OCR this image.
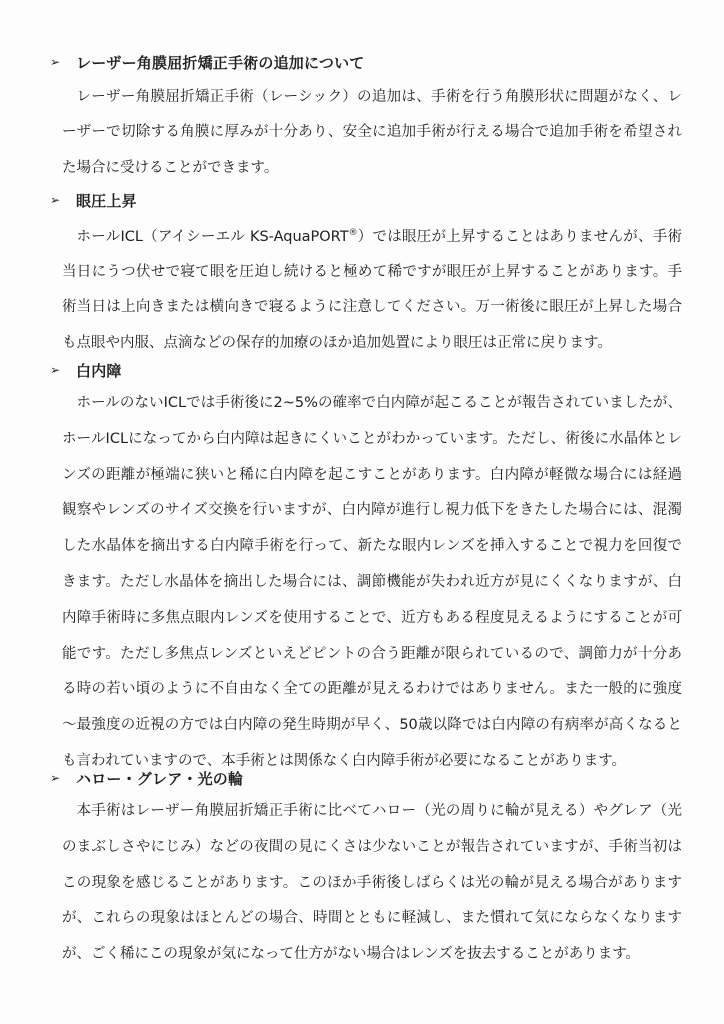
➢	レーザー角膜屈折矯正手術の追加について

レーザー角膜屈折矯正手術（レーシック）の追加は、手術を行う角膜形状に問題がなく、レーザーで切除する角膜に厚みが十分あり、安全に追加手術が行える場合で追加手術を希望された場合に受けることができます。

➢	眼圧上昇

ホールICL（アイシーエル KS-AquaPORT®）では眼圧が上昇することはありませんが、手術当日にうつ伏せで寝て眼を圧迫し続けると極めて稀ですが眼圧が上昇することがあります。手術当日は上向きまたは横向きで寝るように注意してください。万一術後に眼圧が上昇した場合も点眼や内服、点滴などの保存的加療のほか追加処置により眼圧は正常に戻ります。

➢	白内障

ホールのないICLでは手術後に2~5%の確率で白内障が起こることが報告されていましたが、ホールICLになってから白内障は起きにくいことがわかっています。ただし、術後に水晶体とレンズの距離が極端に狭いと稀に白内障を起こすことがあります。白内障が軽微な場合には経過観察やレンズのサイズ交換を行いますが、白内障が進行し視力低下をきたした場合には、混濁した水晶体を摘出する白内障手術を行って、新たな眼内レンズを挿入することで視力を回復できます。ただし水晶体を摘出した場合には、調節機能が失われ近方が見にくくなりますが、白内障手術時に多焦点眼内レンズを使用することで、近方もある程度見えるようにすることが可能です。ただし多焦点レンズといえどピントの合う距離が限られているので、調節力が十分ある時の若い頃のように不自由なく全ての距離が見えるわけではありません。また一般的に強度～最強度の近視の方では白内障の発生時期が早く、50歳以降では白内障の有病率が高くなるとも言われていますので、本手術とは関係なく白内障手術が必要になることがあります。

➢	ハロー・グレア・光の輪

本手術はレーザー角膜屈折矯正手術に比べてハロー（光の周りに輪が見える）やグレア（光のまぶしさやにじみ）などの夜間の見にくさは少ないことが報告されていますが、手術当初はこの現象を感じることがあります。このほか手術後しばらくは光の輪が見える場合がありますが、これらの現象はほとんどの場合、時間とともに軽減し、また慣れて気にならなくなりますが、ごく稀にこの現象が気になって仕方がない場合はレンズを抜去することがあります。
